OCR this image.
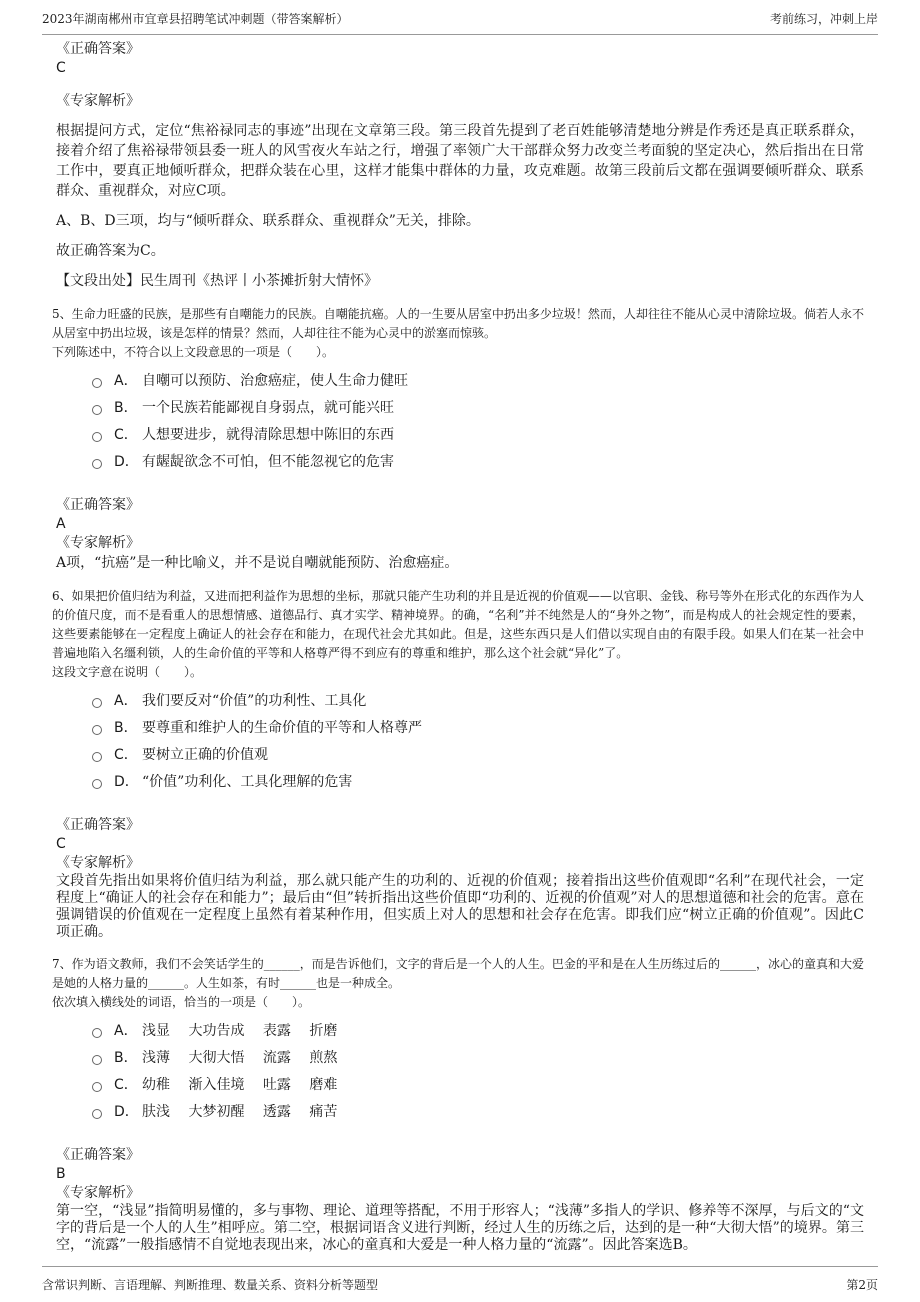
2023年湖南郴州市宜章县招聘笔试冲刺题（带答案解析）	考前练习，冲刺上岸
《正确答案》
C
《专家解析》
根据提问方式，定位“焦裕禄同志的事迹”出现在文章第三段。第三段首先提到了老百姓能够清楚地分辨是作秀还是真正联系群众，接着介绍了焦裕禄带领县委一班人的风雪夜火车站之行，增强了率领广大干部群众努力改变兰考面貌的坚定决心，然后指出在日常工作中，要真正地倾听群众，把群众装在心里，这样才能集中群体的力量，攻克难题。故第三段前后文都在强调要倾听群众、联系群众、重视群众，对应C项。
A、B、D三项，均与“倾听群众、联系群众、重视群众”无关，排除。
故正确答案为C。
【文段出处】民生周刊《热评丨小茶摊折射大情怀》
5、生命力旺盛的民族，是那些有自嘲能力的民族。自嘲能抗癌。人的一生要从居室中扔出多少垃圾！然而，人却往往不能从心灵中清除垃圾。倘若人永不从居室中扔出垃圾，该是怎样的情景？然而，人却往往不能为心灵中的淤塞而惊骇。
下列陈述中，不符合以上文段意思的一项是（　　）。
A． 自嘲可以预防、治愈癌症，使人生命力健旺
B． 一个民族若能鄙视自身弱点，就可能兴旺
C． 人想要进步，就得清除思想中陈旧的东西
D． 有龌龊欲念不可怕，但不能忽视它的危害
《正确答案》
A
《专家解析》
A项，“抗癌”是一种比喻义，并不是说自嘲就能预防、治愈癌症。
6、如果把价值归结为利益，又进而把利益作为思想的坐标，那就只能产生功利的并且是近视的价值观——以官职、金钱、称号等外在形式化的东西作为人的价值尺度，而不是看重人的思想情感、道德品行、真才实学、精神境界。的确，“名利”并不纯然是人的“身外之物”，而是构成人的社会规定性的要素，这些要素能够在一定程度上确证人的社会存在和能力，在现代社会尤其如此。但是，这些东西只是人们借以实现自由的有限手段。如果人们在某一社会中普遍地陷入名缰利锁，人的生命价值的平等和人格尊严得不到应有的尊重和维护，那么这个社会就“异化”了。
这段文字意在说明（　　）。
A． 我们要反对“价值”的功利性、工具化
B． 要尊重和维护人的生命价值的平等和人格尊严
C． 要树立正确的价值观
D． “价值”功利化、工具化理解的危害
《正确答案》
C
《专家解析》
文段首先指出如果将价值归结为利益，那么就只能产生的功利的、近视的价值观；接着指出这些价值观即“名利”在现代社会，一定程度上“确证人的社会存在和能力”；最后由“但”转折指出这些价值即“功利的、近视的价值观”对人的思想道德和社会的危害。意在强调错误的价值观在一定程度上虽然有着某种作用，但实质上对人的思想和社会存在危害。即我们应“树立正确的价值观”。因此C项正确。
7、作为语文教师，我们不会笑话学生的______，而是告诉他们，文字的背后是一个人的人生。巴金的平和是在人生历练过后的______，冰心的童真和大爱是她的人格力量的______。人生如茶，有时______也是一种成全。
依次填入横线处的词语，恰当的一项是（　　）。
A． 浅显　 大功告成　 表露　 折磨
B． 浅薄　 大彻大悟　 流露　 煎熬
C． 幼稚　 渐入佳境　 吐露　 磨难
D． 肤浅　 大梦初醒　 透露　 痛苦
《正确答案》
B
《专家解析》
第一空，“浅显”指简明易懂的，多与事物、理论、道理等搭配，不用于形容人；“浅薄”多指人的学识、修养等不深厚，与后文的“文字的背后是一个人的人生”相呼应。第二空，根据词语含义进行判断，经过人生的历练之后，达到的是一种“大彻大悟”的境界。第三空，“流露”一般指感情不自觉地表现出来，冰心的童真和大爱是一种人格力量的“流露”。因此答案选B。
含常识判断、言语理解、判断推理、数量关系、资料分析等题型	第2页
